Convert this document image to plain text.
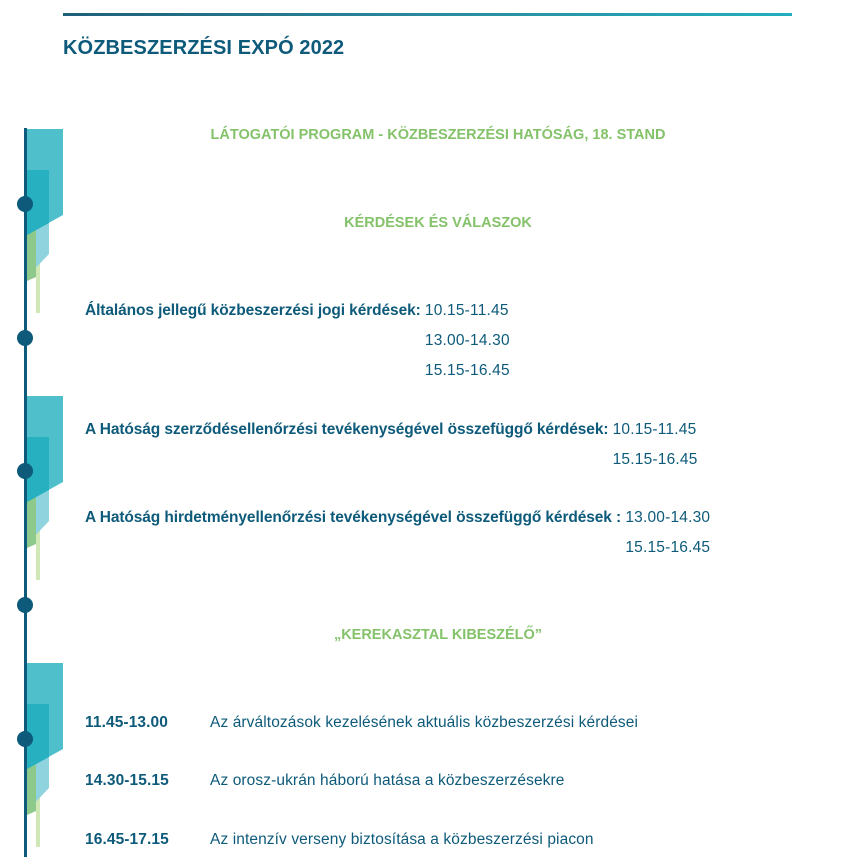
KÖZBESZERZÉSI EXPÓ 2022
LÁTOGATÓI PROGRAM - KÖZBESZERZÉSI HATÓSÁG, 18. STAND
KÉRDÉSEK ÉS VÁLASZOK
Általános jellegű közbeszerzési jogi kérdések: 10.15-11.45
13.00-14.30
15.15-16.45
A Hatóság szerződésellenőrzési tevékenységével összefüggő kérdések: 10.15-11.45
15.15-16.45
A Hatóság hirdetményellenőrzési tevékenységével összefüggő kérdések : 13.00-14.30
15.15-16.45
„KEREKASZTAL KIBESZÉLŐ”
11.45-13.00	Az árváltozások kezelésének aktuális közbeszerzési kérdései
14.30-15.15	Az orosz-ukrán háború hatása a közbeszerzésekre
16.45-17.15	Az intenzív verseny biztosítása a közbeszerzési piacon
